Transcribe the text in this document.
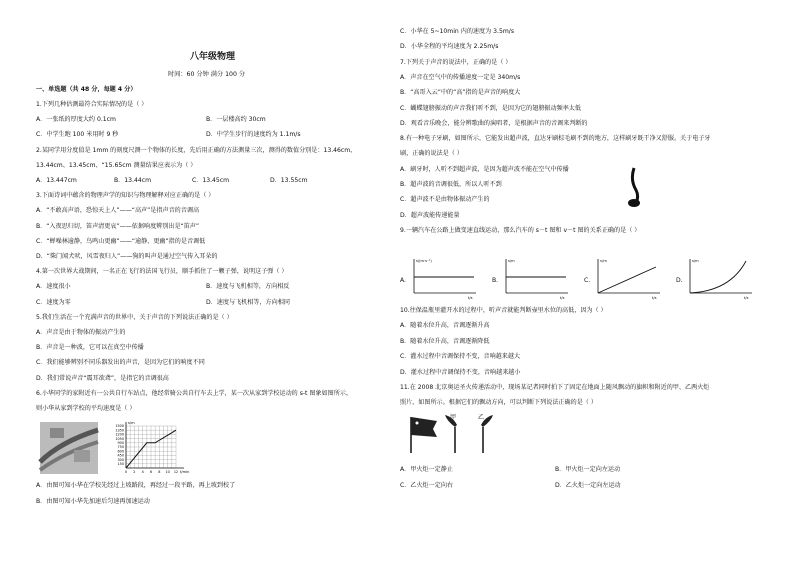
八年级物理
时间：60 分钟 满分 100 分
一、单选题（共 48 分，每题 4 分）
1.下列几种估测最符合实际情况的是（ ）
A．一张纸的厚度大约 0.1cm	B．一层楼高约 30cm
C．中学生跑 100 米用时 9 秒	D．中学生步行的速度约为 1.1m/s
2.某同学用分度值是 1mm 的刻度尺测一个物体的长度，先后用正确的方法测量三次，测得的数值分别是：13.46cm、
13.44cm、13.45cm、“15.65cm 测量结果应表示为（ ）
A．13.447cm	B．13.44cm	C．13.45cm	D．13.55cm
3.下面诗词中蕴含的物理声学的知识与物理解释对应正确的是（ ）
A．“不敢高声语，恐惊天上人”——“高声”是指声音的音调高
B．“入夜思归切，笛声清更哀”——依据响度辨别出是“笛声”
C．“蝉噪林逾静，鸟鸣山更幽”——“逾静、更幽”指的是音调低
D．“柴门闻犬吠，风雪夜归人”——狗的叫声是通过空气传入耳朵的
4.第一次世界大战期间，一名正在飞行的法国飞行员，顺手抓住了一颗子弹，说明这子弹（ ）
A．速度很小	B．速度与飞机相等，方向相反
C．速度为零	D．速度与飞机相等，方向相同
5.我们生活在一个充满声音的世界中，关于声音的下列说法正确的是（ ）
A．声音是由于物体的振动产生的
B．声音是一种波，它可以在真空中传播
C．我们能够辨别不同乐器发出的声音，是因为它们的响度不同
D．我们常说声音“震耳欲聋”，是指它的音调很高
6.小华同学的家附近有一公共自行车站点，他经常骑公共自行车去上学，某一次从家到学校运动的 s-t 图象如图所示，
则小华从家到学校的平均速度是（ ）
1500
1350
1200
1050
900
750
600
450
300
150
0 2 4 6 8 10 12
s/m
t/min
A．由图可知小华在学校先经过上坡路段，再经过一段平路，再上坡到校了
B．由图可知小华先加速后匀速再加速运动
C．小华在 5~10min 内的速度为 3.5m/s
D．小华全程的平均速度为 2.25m/s
7.下列关于声音的说法中，正确的是（ ）
A．声音在空气中的传播速度一定是 340m/s
B．“高哥入云”中的“高”指的是声音的响度大
C．蝴蝶翅膀振动的声音我们听不到，是因为它的翅膀振动频率太低
D．观看音乐晚会，能分辨歌曲的演唱者，是根据声音的音调来判断的
8.有一种电子牙刷，如图所示，它能发出超声波，直达牙刷棕毛刷不到的地方，这样刷牙既干净又舒服。关于电子牙
刷，正确的说法是（ ）
A．刷牙时，人听不到超声波，是因为超声波不能在空气中传播
B．超声波的音调很低，所以人听不到
C．超声波不是由物体振动产生的
D．超声波能传递能量
9.一辆汽车在公路上做变速直线运动，那么汽车的 s－t 图和 v－t 图的关系正确的是（ ）
A.
s/(m·s⁻¹)
t/s
B.
s/m
t/s
C.
v/m
t/s
D.
s/m
t/s
10.往保温瓶里灌开水的过程中，听声音就能判断壶里水位的高低，因为（ ）
A．随着水位升高，音调逐渐升高
B．随着水位升高，音调逐渐降低
C．灌水过程中音调保持不变，音响越来越大
D．灌水过程中音调保持不变，音响越来越小
11.在 2008 北京奥运圣火传递活动中，现场某记者同时拍下了固定在地面上随风飘动的旗帜和附近的甲、乙两火炬
照片，如图所示。根据它们的飘动方向，可以判断下列说法正确的是（ ）
甲	乙
A．甲火炬一定静止	B．甲火炬一定向左运动
C．乙火炬一定向右	D．乙火炬一定向左运动
